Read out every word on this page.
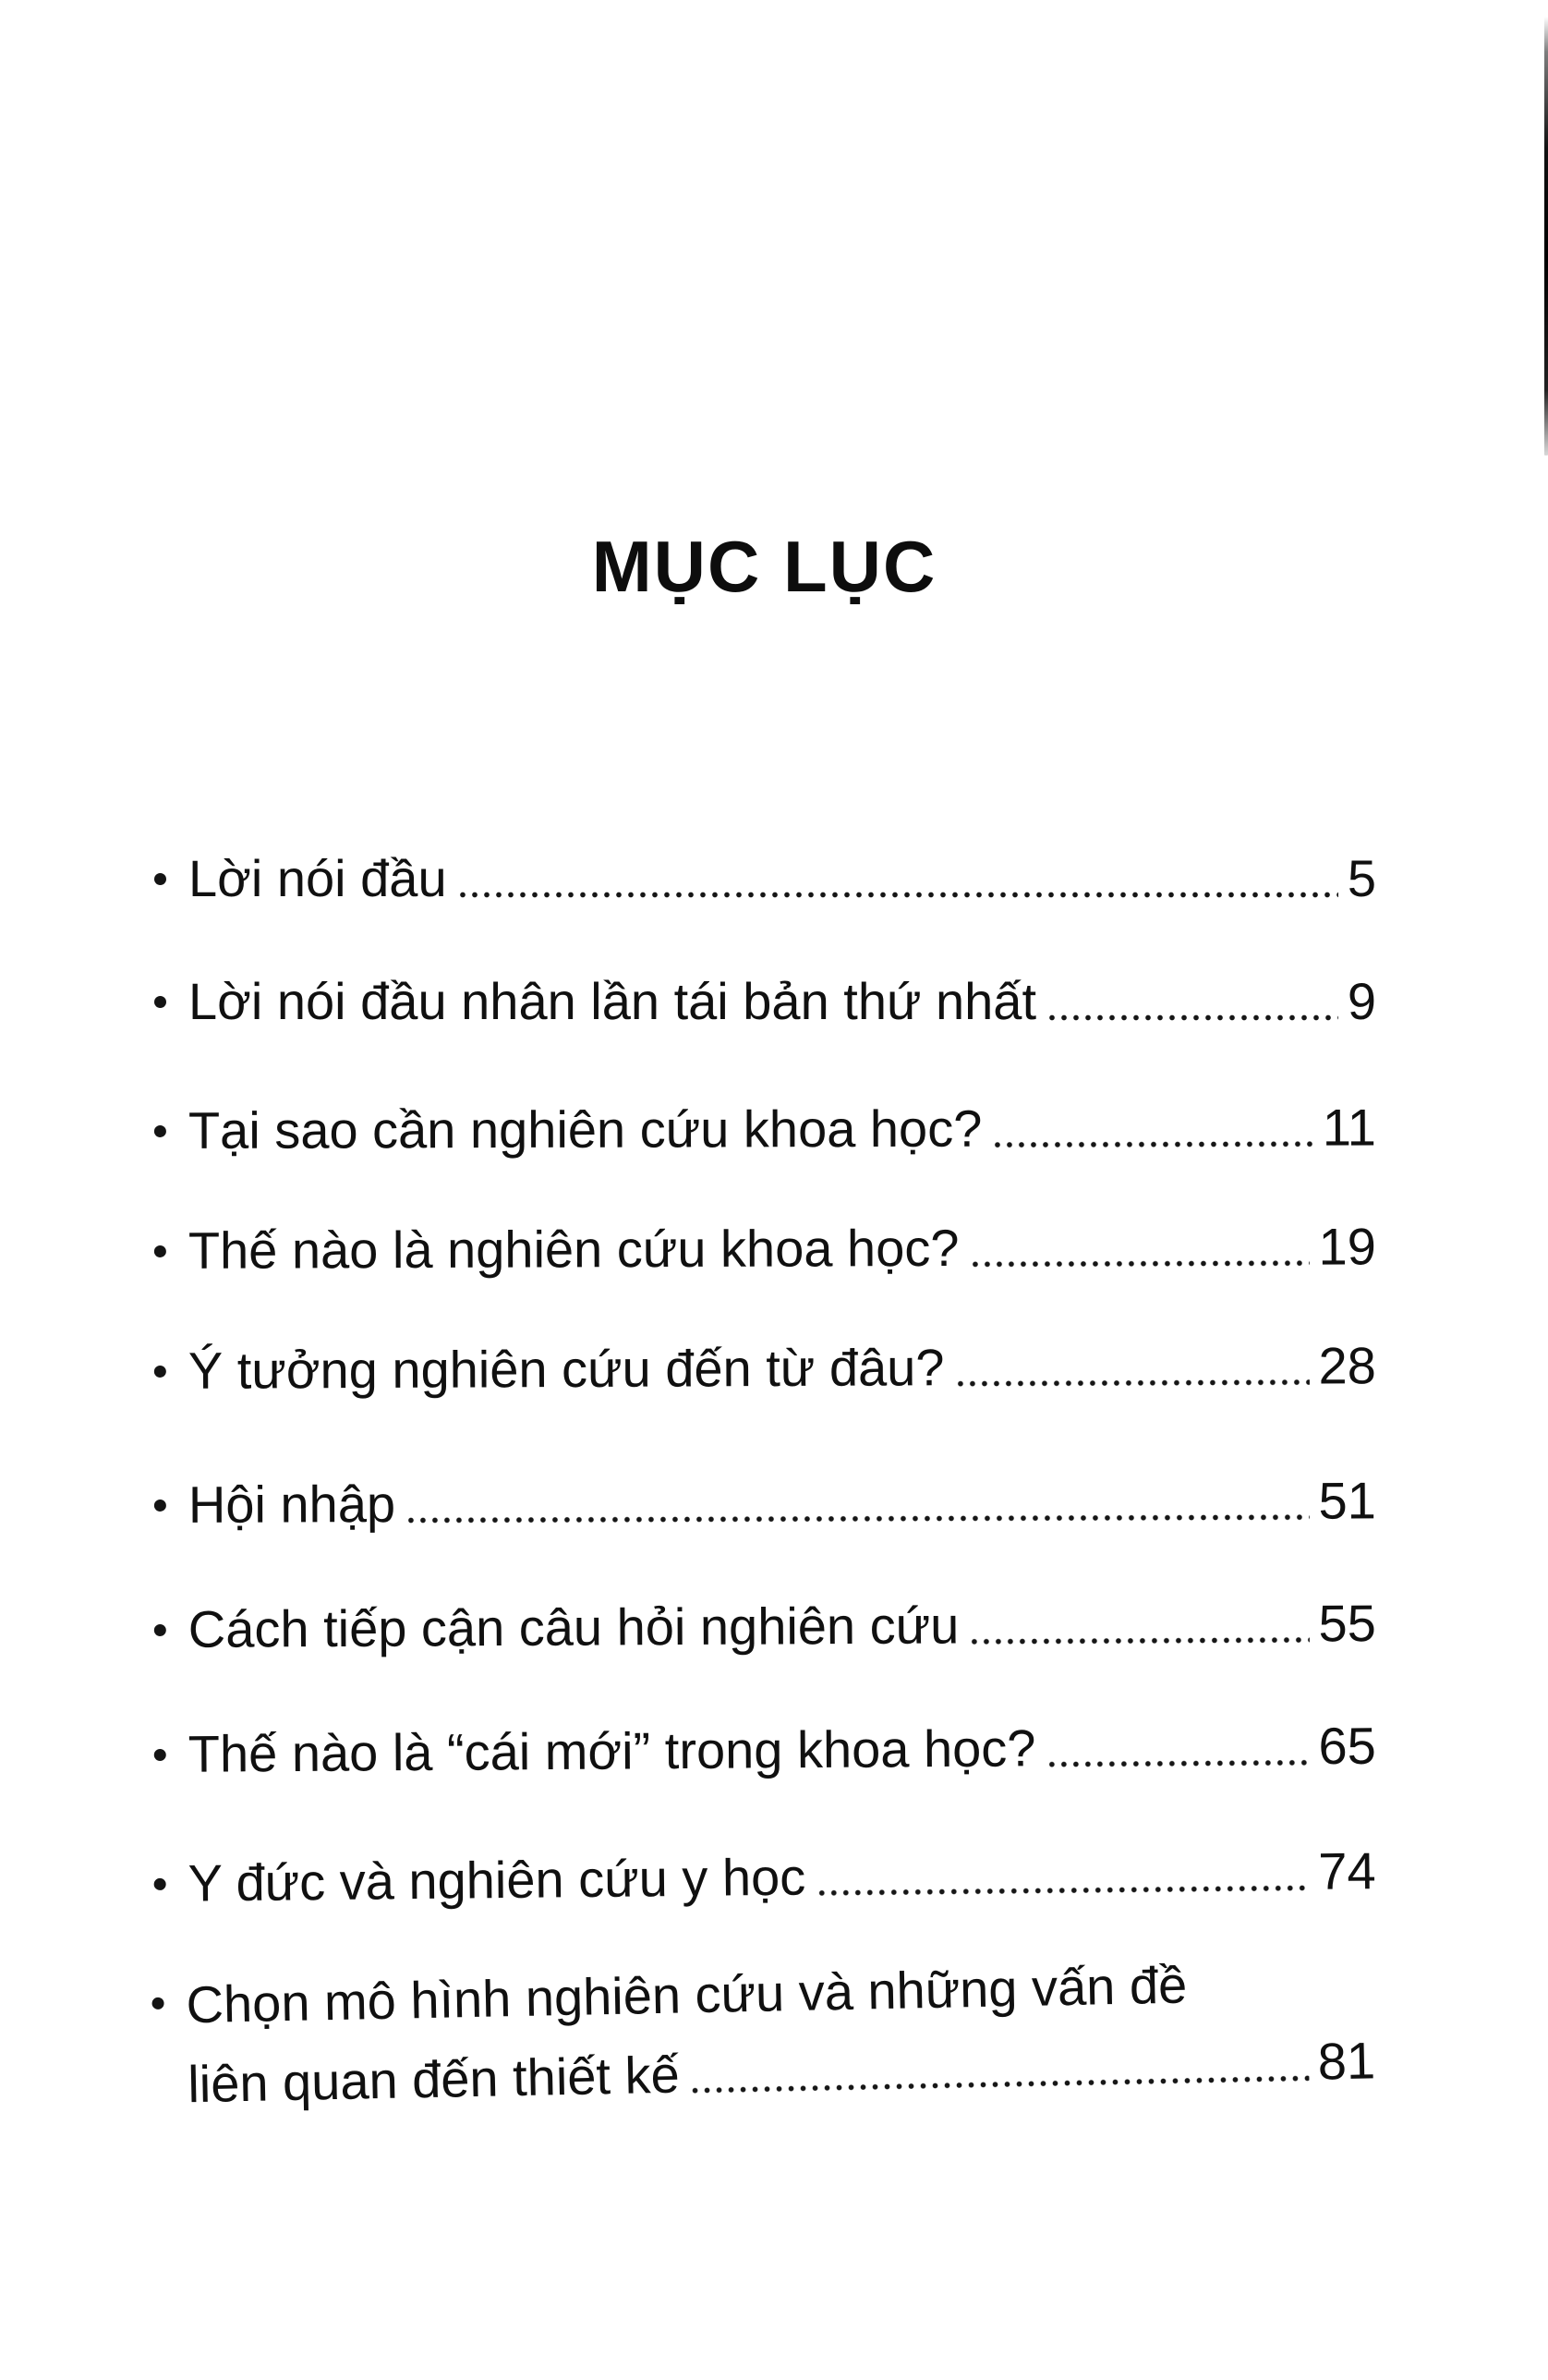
MỤC LỤC
Lời nói đầu	5
Lời nói đầu nhân lần tái bản thứ nhất	9
Tại sao cần nghiên cứu khoa học?	11
Thế nào là nghiên cứu khoa học?	19
Ý tưởng nghiên cứu đến từ đâu?	28
Hội nhập	51
Cách tiếp cận câu hỏi nghiên cứu	55
Thế nào là “cái mới” trong khoa học?	65
Y đức và nghiên cứu y học	74
Chọn mô hình nghiên cứu và những vấn đề
liên quan đến thiết kế	81
